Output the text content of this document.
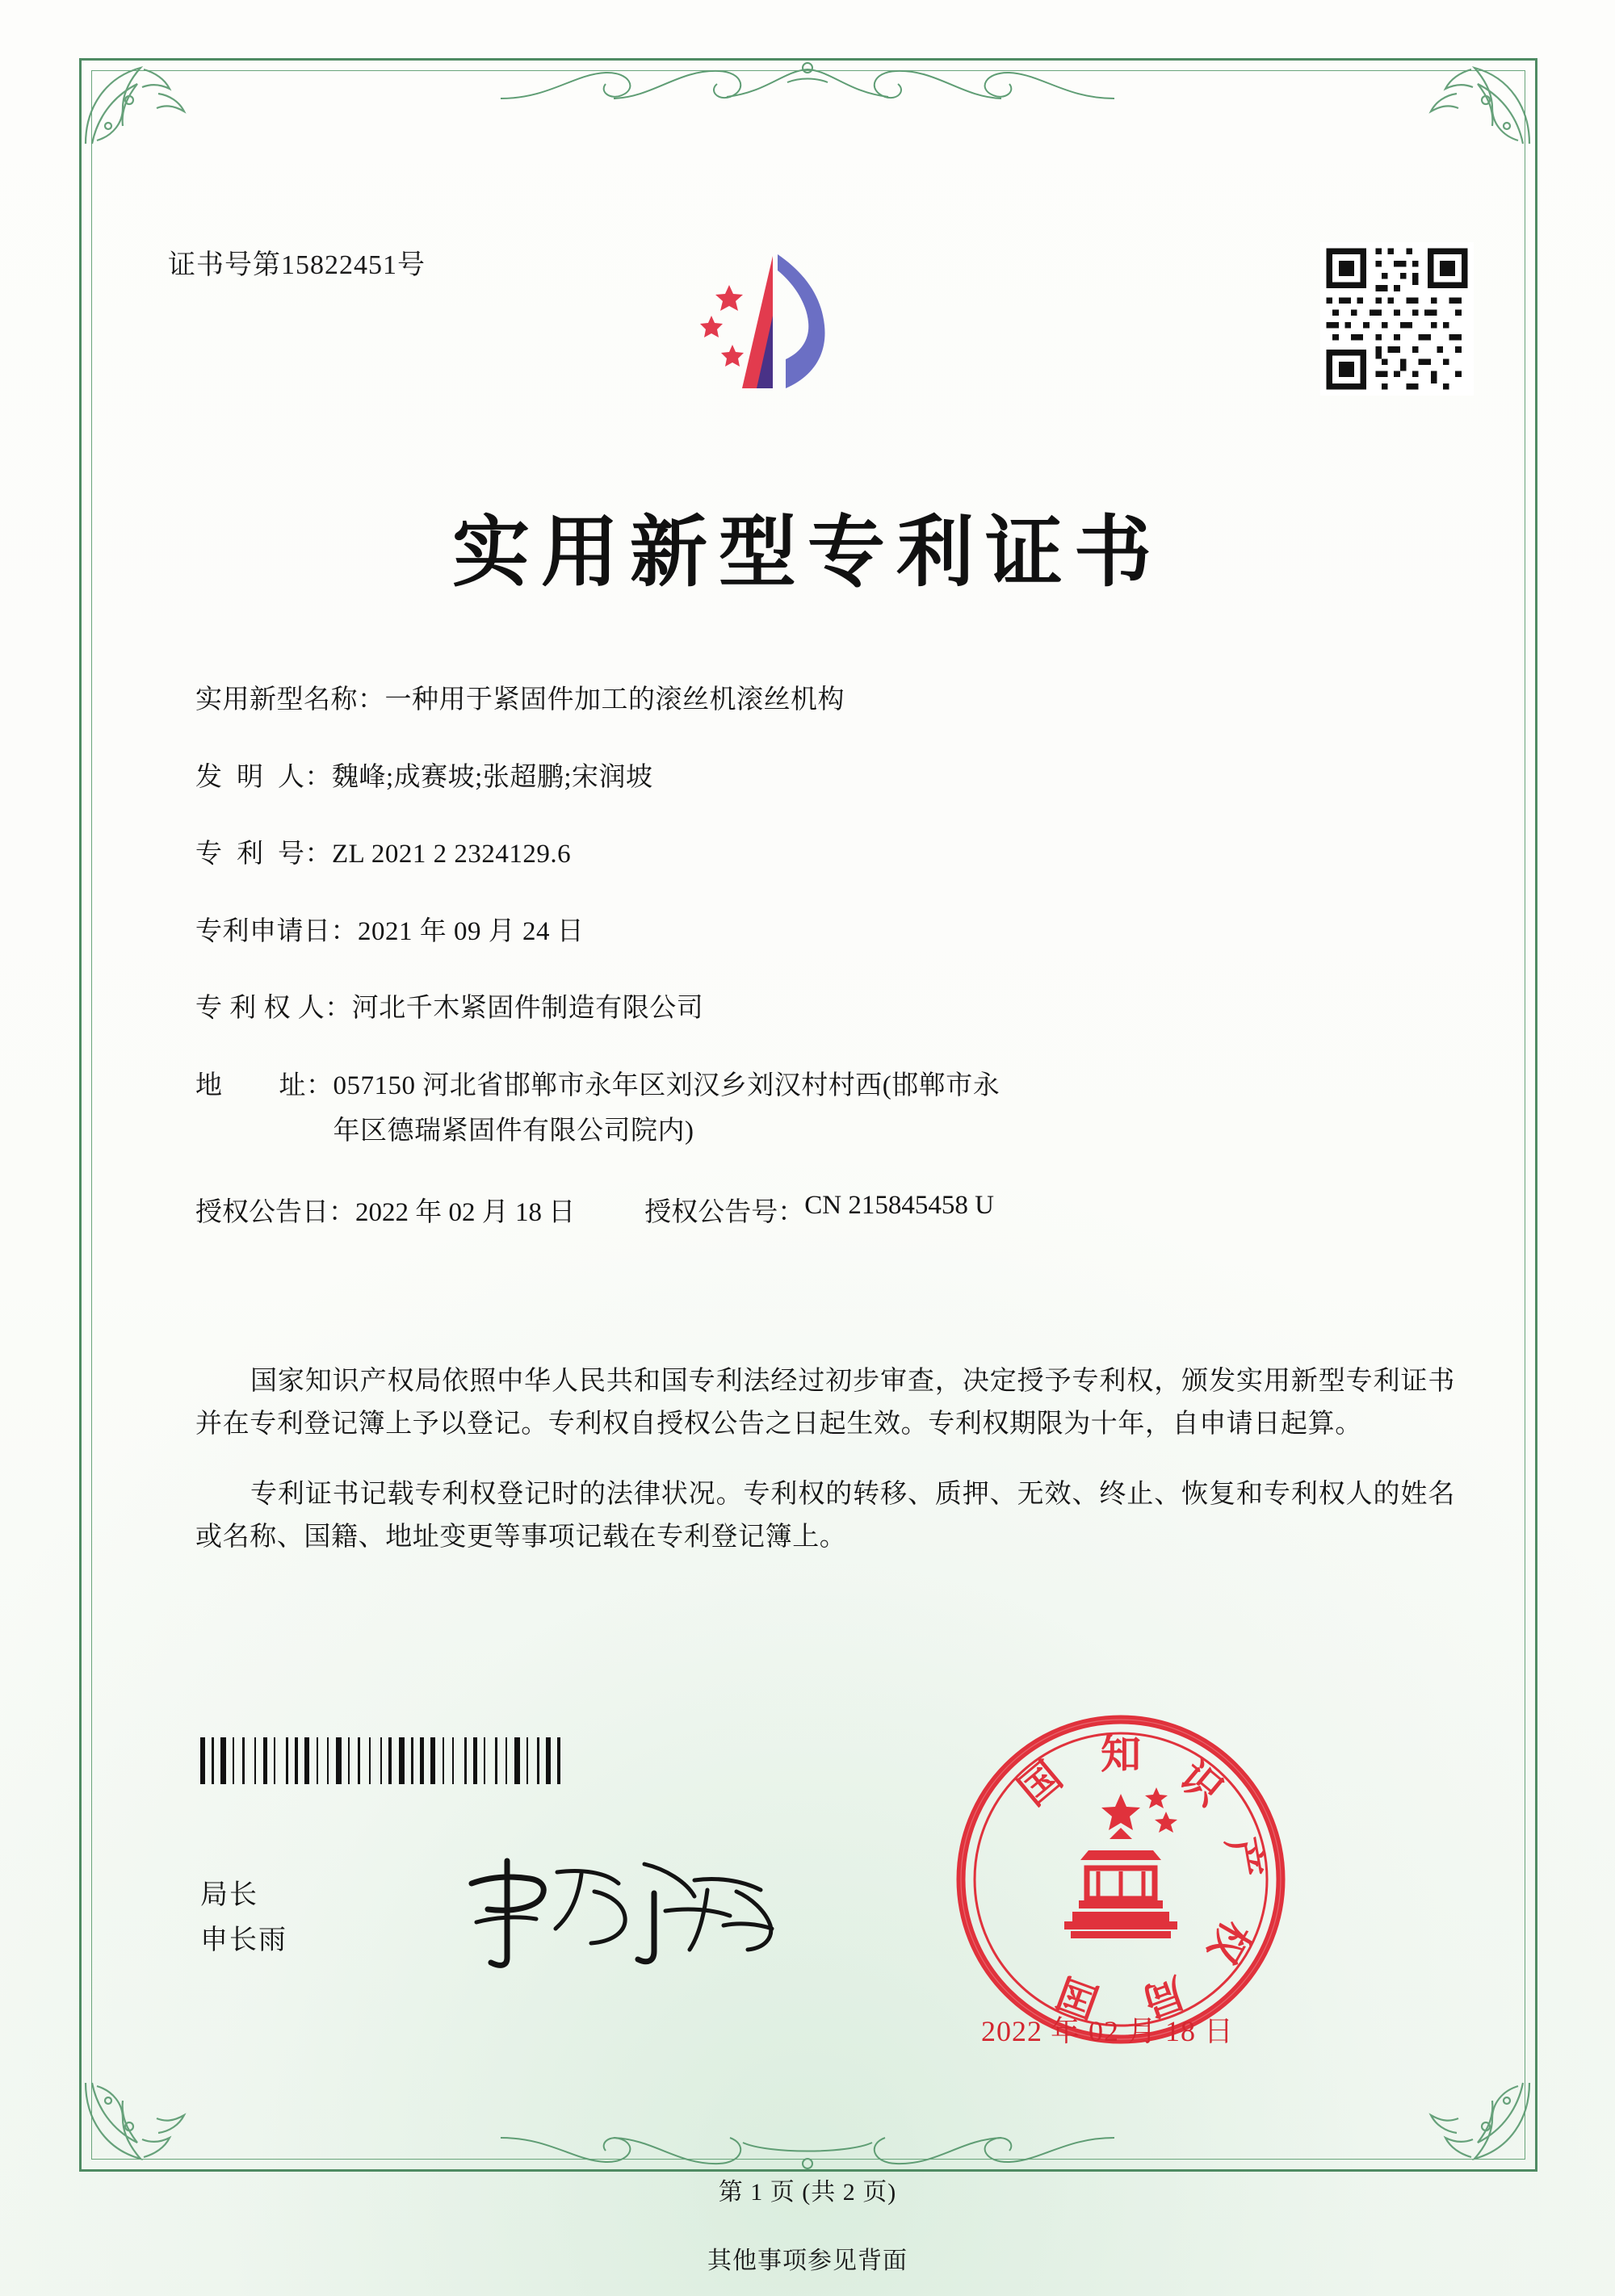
证书号第15822451号
实用新型专利证书
实用新型名称： 一种用于紧固件加工的滚丝机滚丝机构
发  明  人： 魏峰;成赛坡;张超鹏;宋润坡
专  利  号： ZL 2021 2 2324129.6
专利申请日： 2021 年 09 月 24 日
专 利 权 人： 河北千木紧固件制造有限公司
地        址： 057150 河北省邯郸市永年区刘汉乡刘汉村村西(邯郸市永
年区德瑞紧固件有限公司院内)
授权公告日： 2022 年 02 月 18 日	授权公告号： CN 215845458 U

国家知识产权局依照中华人民共和国专利法经过初步审查，决定授予专利权，颁发实用新型专利证书并在专利登记簿上予以登记。专利权自授权公告之日起生效。专利权期限为十年，自申请日起算。

专利证书记载专利权登记时的法律状况。专利权的转移、质押、无效、终止、恢复和专利权人的姓名或名称、国籍、地址变更等事项记载在专利登记簿上。

局长
申长雨
知 识
产
权
局
国
国
2022 年 02 月 18 日
第 1 页 (共 2 页)
其他事项参见背面
